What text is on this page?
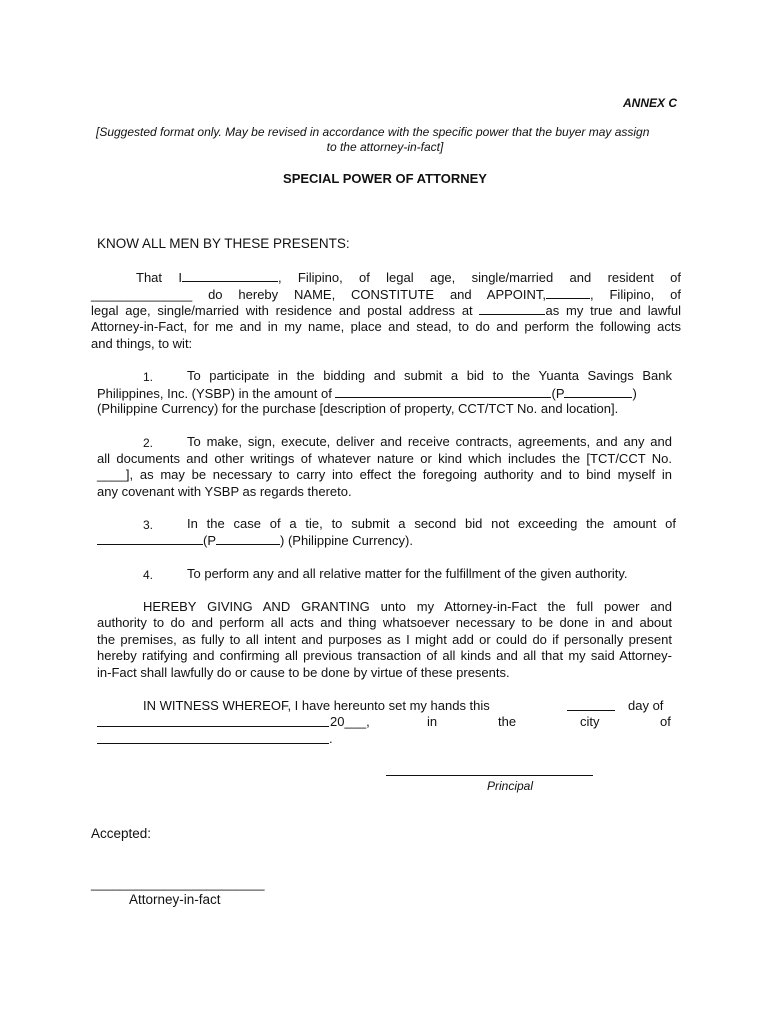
ANNEX C
[Suggested format only. May be revised in accordance with the specific power that the buyer may assign
to the attorney-in-fact]
SPECIAL POWER OF ATTORNEY
KNOW ALL MEN BY THESE PRESENTS:
That I	, Filipino, of legal age, single/married and resident of
______________ do hereby NAME, CONSTITUTE and APPOINT,	, Filipino, of
legal age, single/married with residence and postal address at	as my true and lawful
Attorney-in-Fact, for me and in my name, place and stead, to do and perform the following acts
and things, to wit:
1.	To participate in the bidding and submit a bid to the Yuanta Savings Bank
Philippines, Inc. (YSBP) in the amount of	(P	)
(Philippine Currency) for the purchase [description of property, CCT/TCT No. and location].
2.	To make, sign, execute, deliver and receive contracts, agreements, and any and
all documents and other writings of whatever nature or kind which includes the [TCT/CCT No.
____], as may be necessary to carry into effect the foregoing authority and to bind myself in
any covenant with YSBP as regards thereto.
3.	In the case of a tie, to submit a second bid not exceeding the amount of
(P	) (Philippine Currency).
4.	To perform any and all relative matter for the fulfillment of the given authority.
HEREBY GIVING AND GRANTING unto my Attorney-in-Fact the full power and
authority to do and perform all acts and thing whatsoever necessary to be done in and about
the premises, as fully to all intent and purposes as I might add or could do if personally present
hereby ratifying and confirming all previous transaction of all kinds and all that my said Attorney-
in-Fact shall lawfully do or cause to be done by virtue of these presents.
IN WITNESS WHEREOF, I have hereunto set my hands this	day of
20___,	in	the	city	of
.
Principal
Accepted:
________________________
Attorney-in-fact
